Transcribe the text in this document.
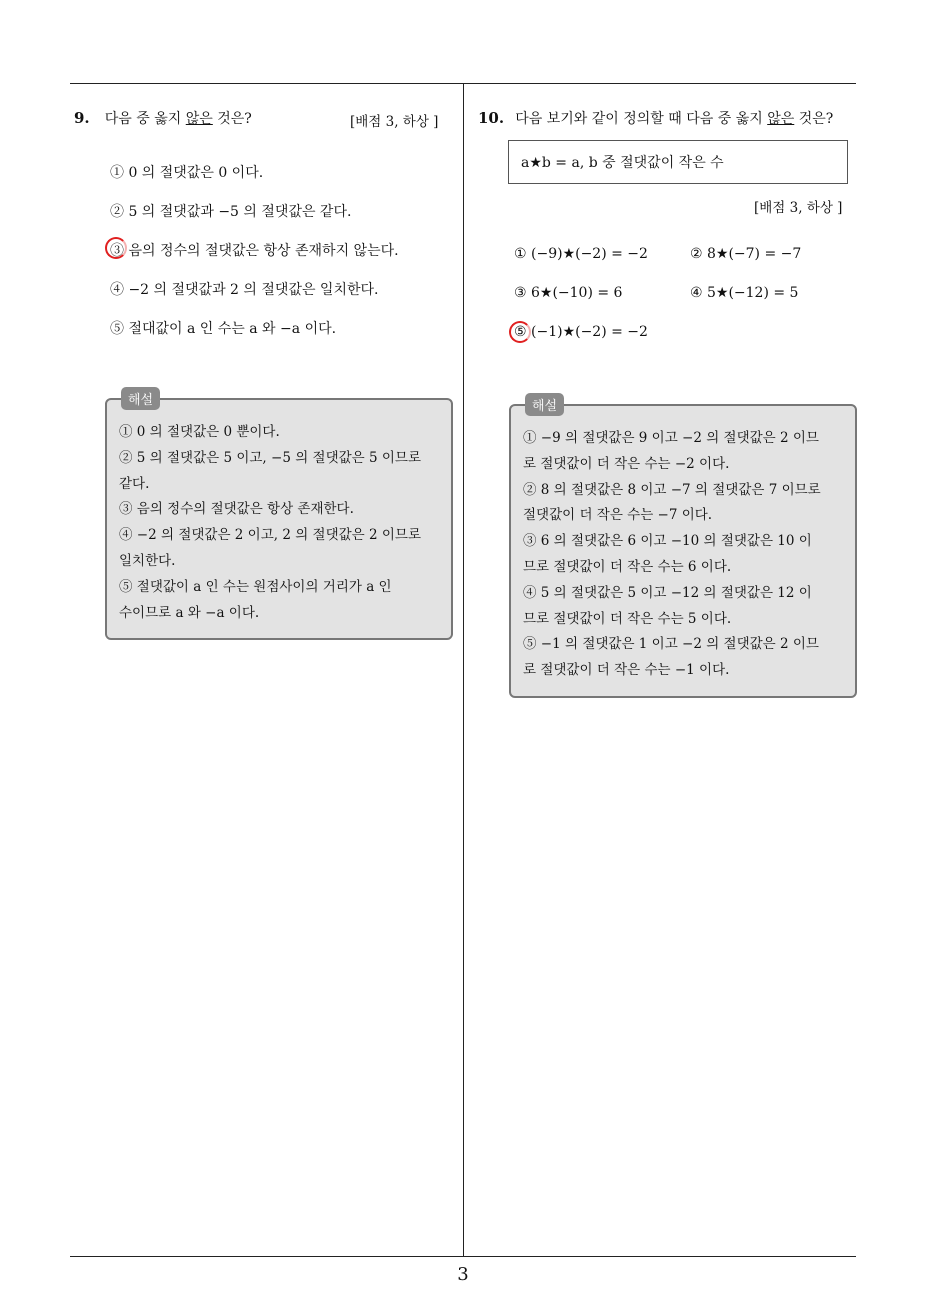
9. 다음 중 옳지 않은 것은?	[배점 3, 하상 ]
① 0 의 절댓값은 0 이다.
② 5 의 절댓값과 −5 의 절댓값은 같다.
③ 음의 정수의 절댓값은 항상 존재하지 않는다.
④ −2 의 절댓값과 2 의 절댓값은 일치한다.
⑤ 절대값이 a 인 수는 a 와 −a 이다.
해설
① 0 의 절댓값은 0 뿐이다.
② 5 의 절댓값은 5 이고, −5 의 절댓값은 5 이므로
같다.
③ 음의 정수의 절댓값은 항상 존재한다.
④ −2 의 절댓값은 2 이고, 2 의 절댓값은 2 이므로
일치한다.
⑤ 절댓값이 a 인 수는 원점사이의 거리가 a 인
수이므로 a 와 −a 이다.
10. 다음 보기와 같이 정의할 때 다음 중 옳지 않은 것은?
a★b = a, b 중 절댓값이 작은 수
[배점 3, 하상 ]
① (−9)★(−2) = −2	② 8★(−7) = −7
③ 6★(−10) = 6	④ 5★(−12) = 5
⑤ (−1)★(−2) = −2
해설
① −9 의 절댓값은 9 이고 −2 의 절댓값은 2 이므
로 절댓값이 더 작은 수는 −2 이다.
② 8 의 절댓값은 8 이고 −7 의 절댓값은 7 이므로
절댓값이 더 작은 수는 −7 이다.
③ 6 의 절댓값은 6 이고 −10 의 절댓값은 10 이
므로 절댓값이 더 작은 수는 6 이다.
④ 5 의 절댓값은 5 이고 −12 의 절댓값은 12 이
므로 절댓값이 더 작은 수는 5 이다.
⑤ −1 의 절댓값은 1 이고 −2 의 절댓값은 2 이므
로 절댓값이 더 작은 수는 −1 이다.
3
